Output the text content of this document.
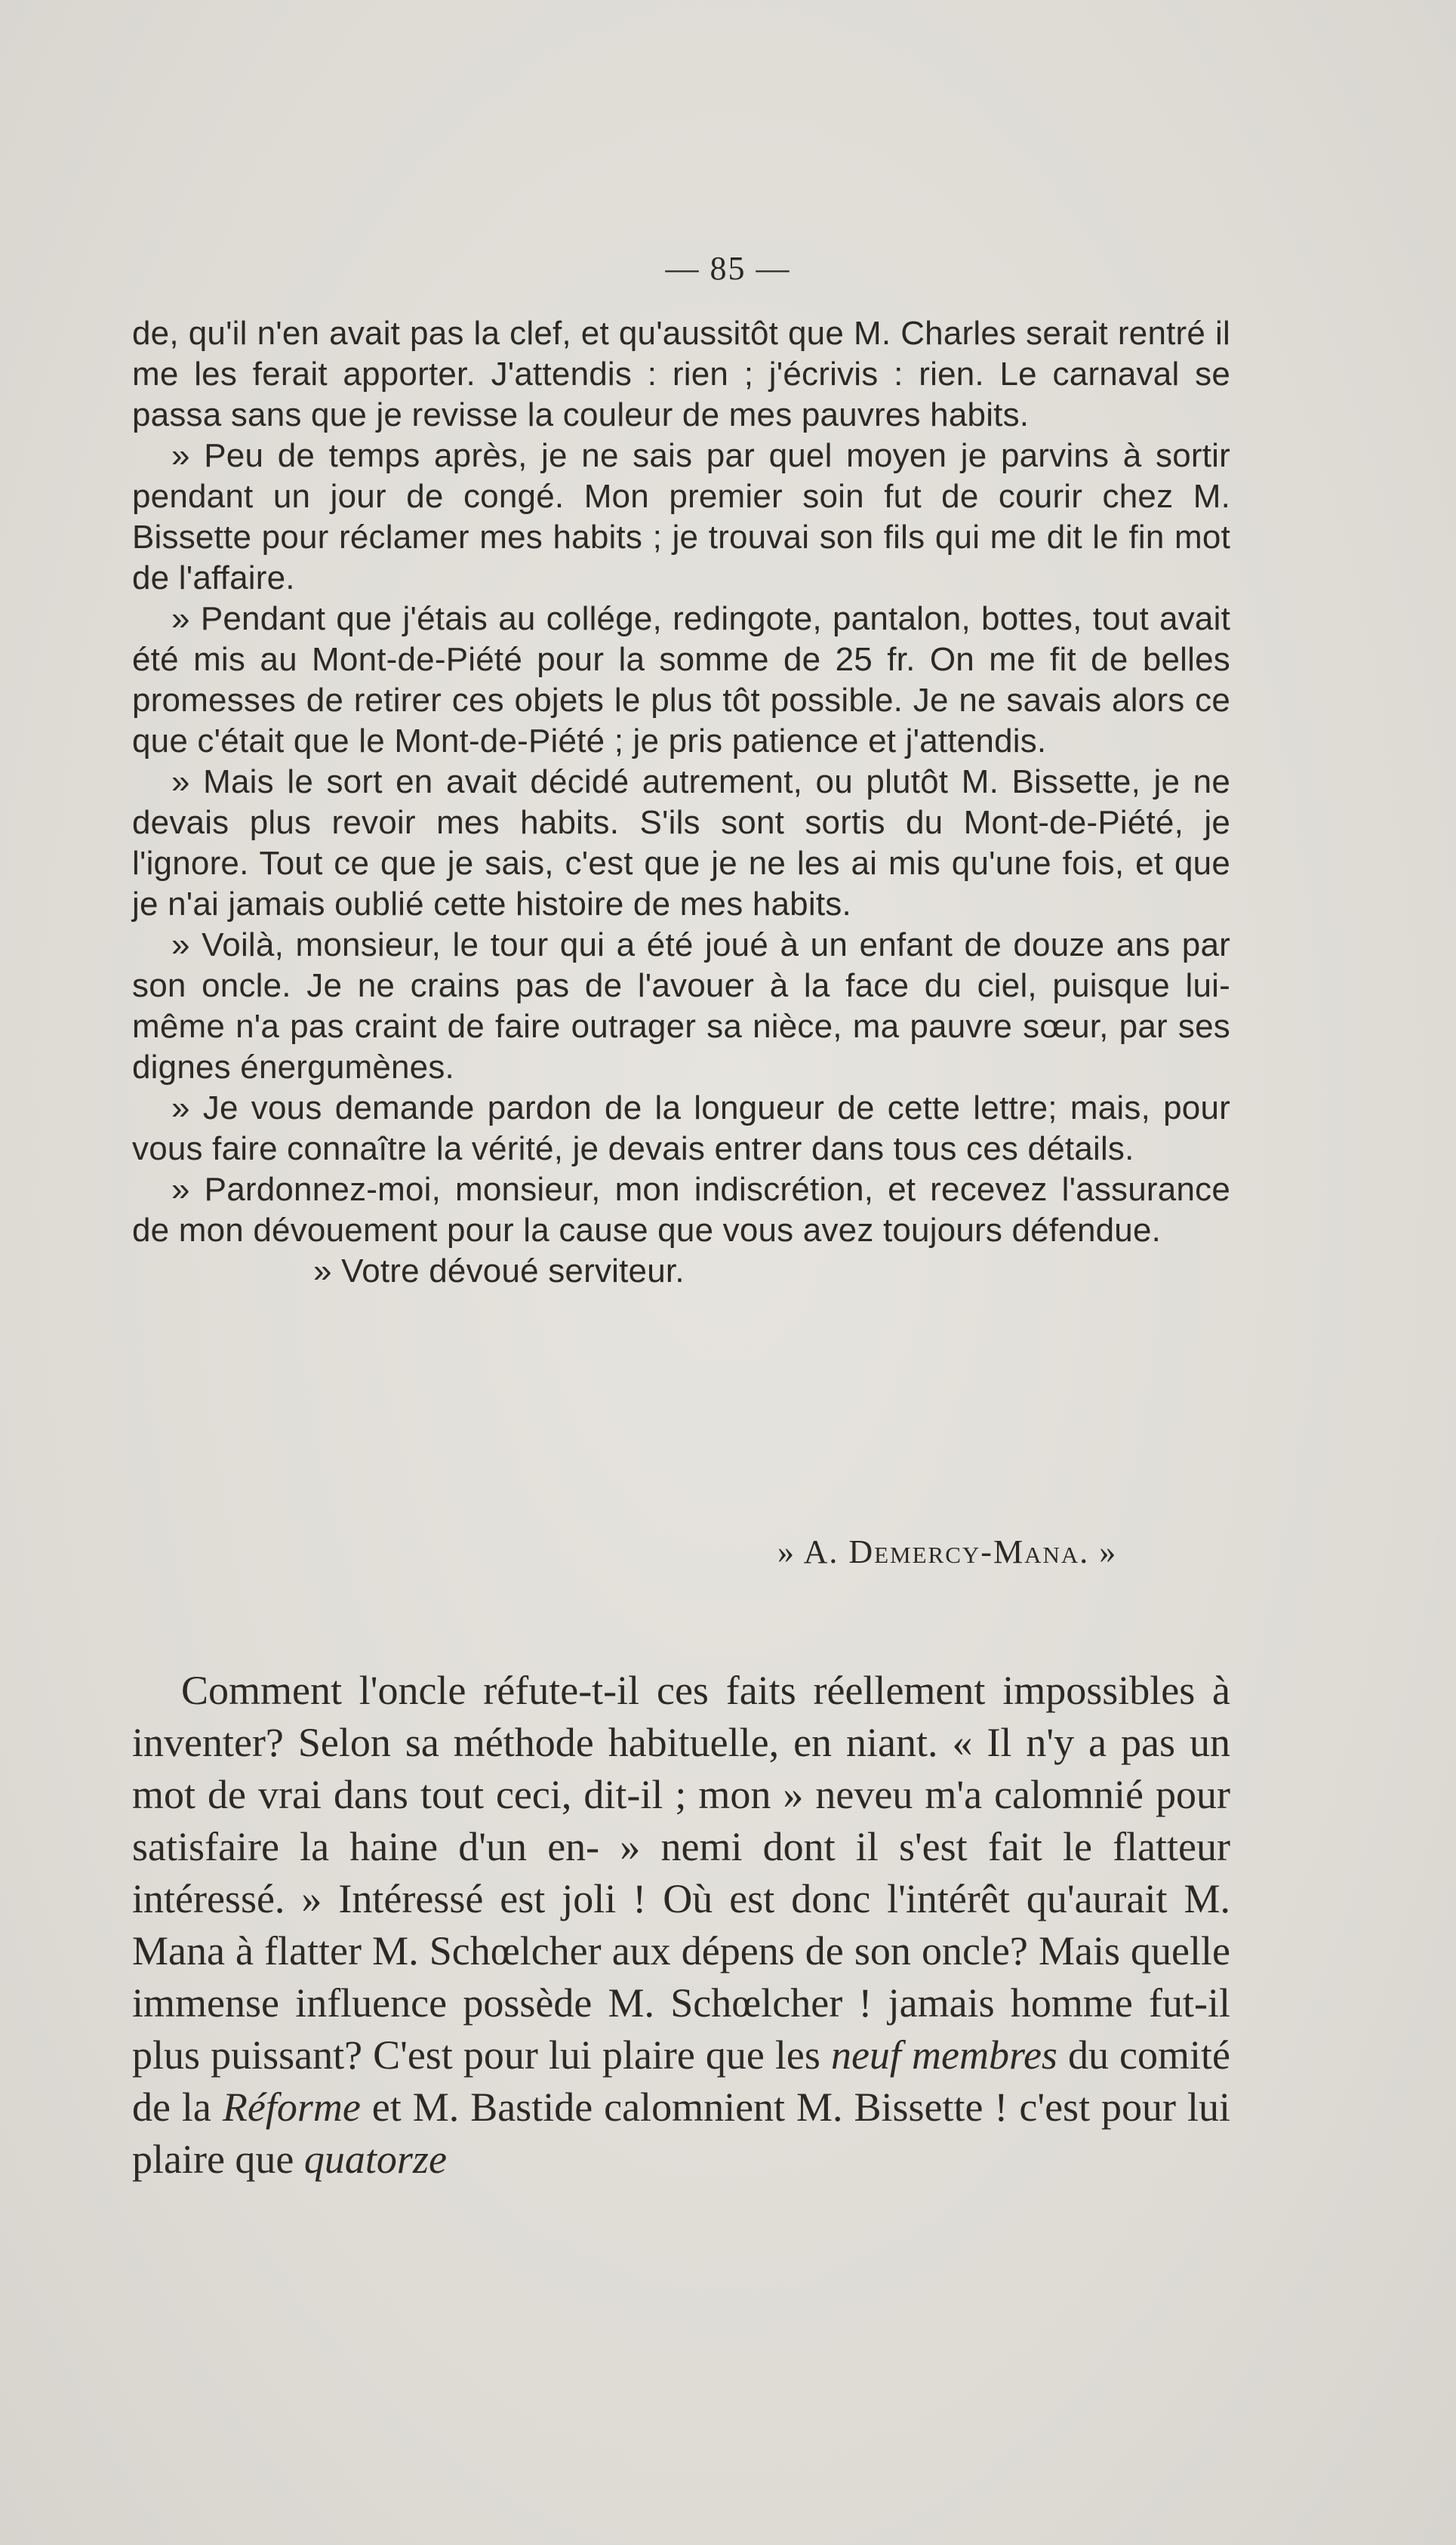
— 85 —

de, qu'il n'en avait pas la clef, et qu'aussitôt que M. Charles serait rentré il me les ferait apporter. J'attendis : rien ; j'écrivis : rien. Le carnaval se passa sans que je revisse la couleur de mes pauvres habits.

» Peu de temps après, je ne sais par quel moyen je parvins à sortir pendant un jour de congé. Mon premier soin fut de courir chez M. Bissette pour réclamer mes habits ; je trouvai son fils qui me dit le fin mot de l'affaire.

» Pendant que j'étais au collége, redingote, pantalon, bottes, tout avait été mis au Mont-de-Piété pour la somme de 25 fr. On me fit de belles promesses de retirer ces objets le plus tôt possible. Je ne savais alors ce que c'était que le Mont-de-Piété ; je pris patience et j'attendis.

» Mais le sort en avait décidé autrement, ou plutôt M. Bissette, je ne devais plus revoir mes habits. S'ils sont sortis du Mont-de-Piété, je l'ignore. Tout ce que je sais, c'est que je ne les ai mis qu'une fois, et que je n'ai jamais oublié cette histoire de mes habits.

» Voilà, monsieur, le tour qui a été joué à un enfant de douze ans par son oncle. Je ne crains pas de l'avouer à la face du ciel, puisque lui-même n'a pas craint de faire outrager sa nièce, ma pauvre sœur, par ses dignes énergumènes.

» Je vous demande pardon de la longueur de cette lettre; mais, pour vous faire connaître la vérité, je devais entrer dans tous ces détails.

» Pardonnez-moi, monsieur, mon indiscrétion, et recevez l'assurance de mon dévouement pour la cause que vous avez toujours défendue.

» Votre dévoué serviteur.

» A. Demercy-Mana. »

Comment l'oncle réfute-t-il ces faits réellement impossibles à inventer? Selon sa méthode habituelle, en niant. « Il n'y a pas un mot de vrai dans tout ceci, dit-il ; mon » neveu m'a calomnié pour satisfaire la haine d'un en- » nemi dont il s'est fait le flatteur intéressé. » Intéressé est joli ! Où est donc l'intérêt qu'aurait M. Mana à flatter M. Schœlcher aux dépens de son oncle? Mais quelle immense influence possède M. Schœlcher ! jamais homme fut-il plus puissant? C'est pour lui plaire que les neuf membres du comité de la Réforme et M. Bastide calomnient M. Bissette ! c'est pour lui plaire que quatorze
